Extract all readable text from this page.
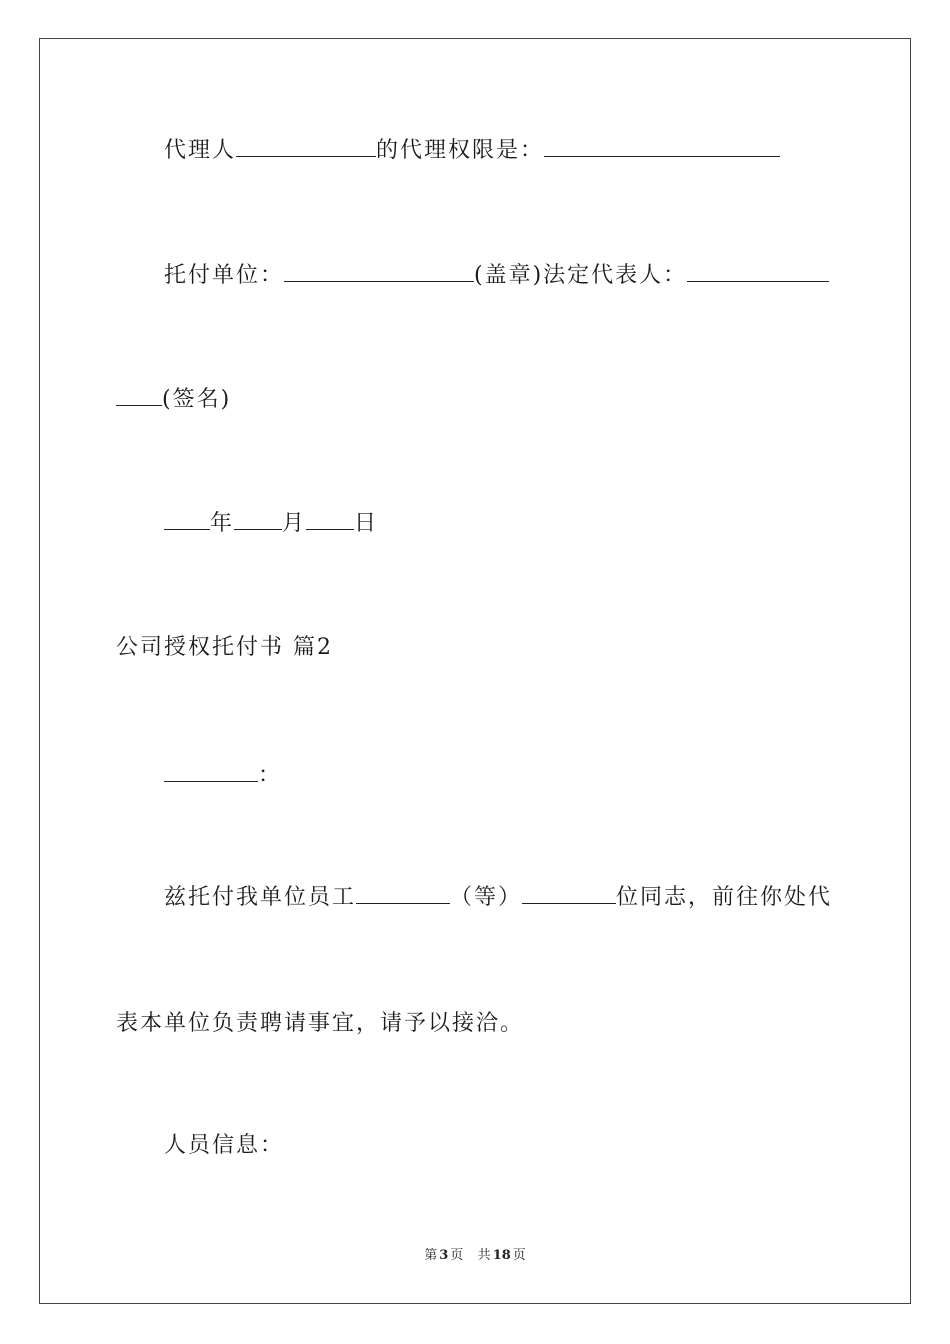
代理人	的代理权限是：
托付单位：	(盖章)法定代表人：
(签名)
年 月 日
公司授权托付书 篇2
：
兹托付我单位员工	（等）	位同志，前往你处代
表本单位负责聘请事宜，请予以接洽。
人员信息：
第 3 页 共 18 页
